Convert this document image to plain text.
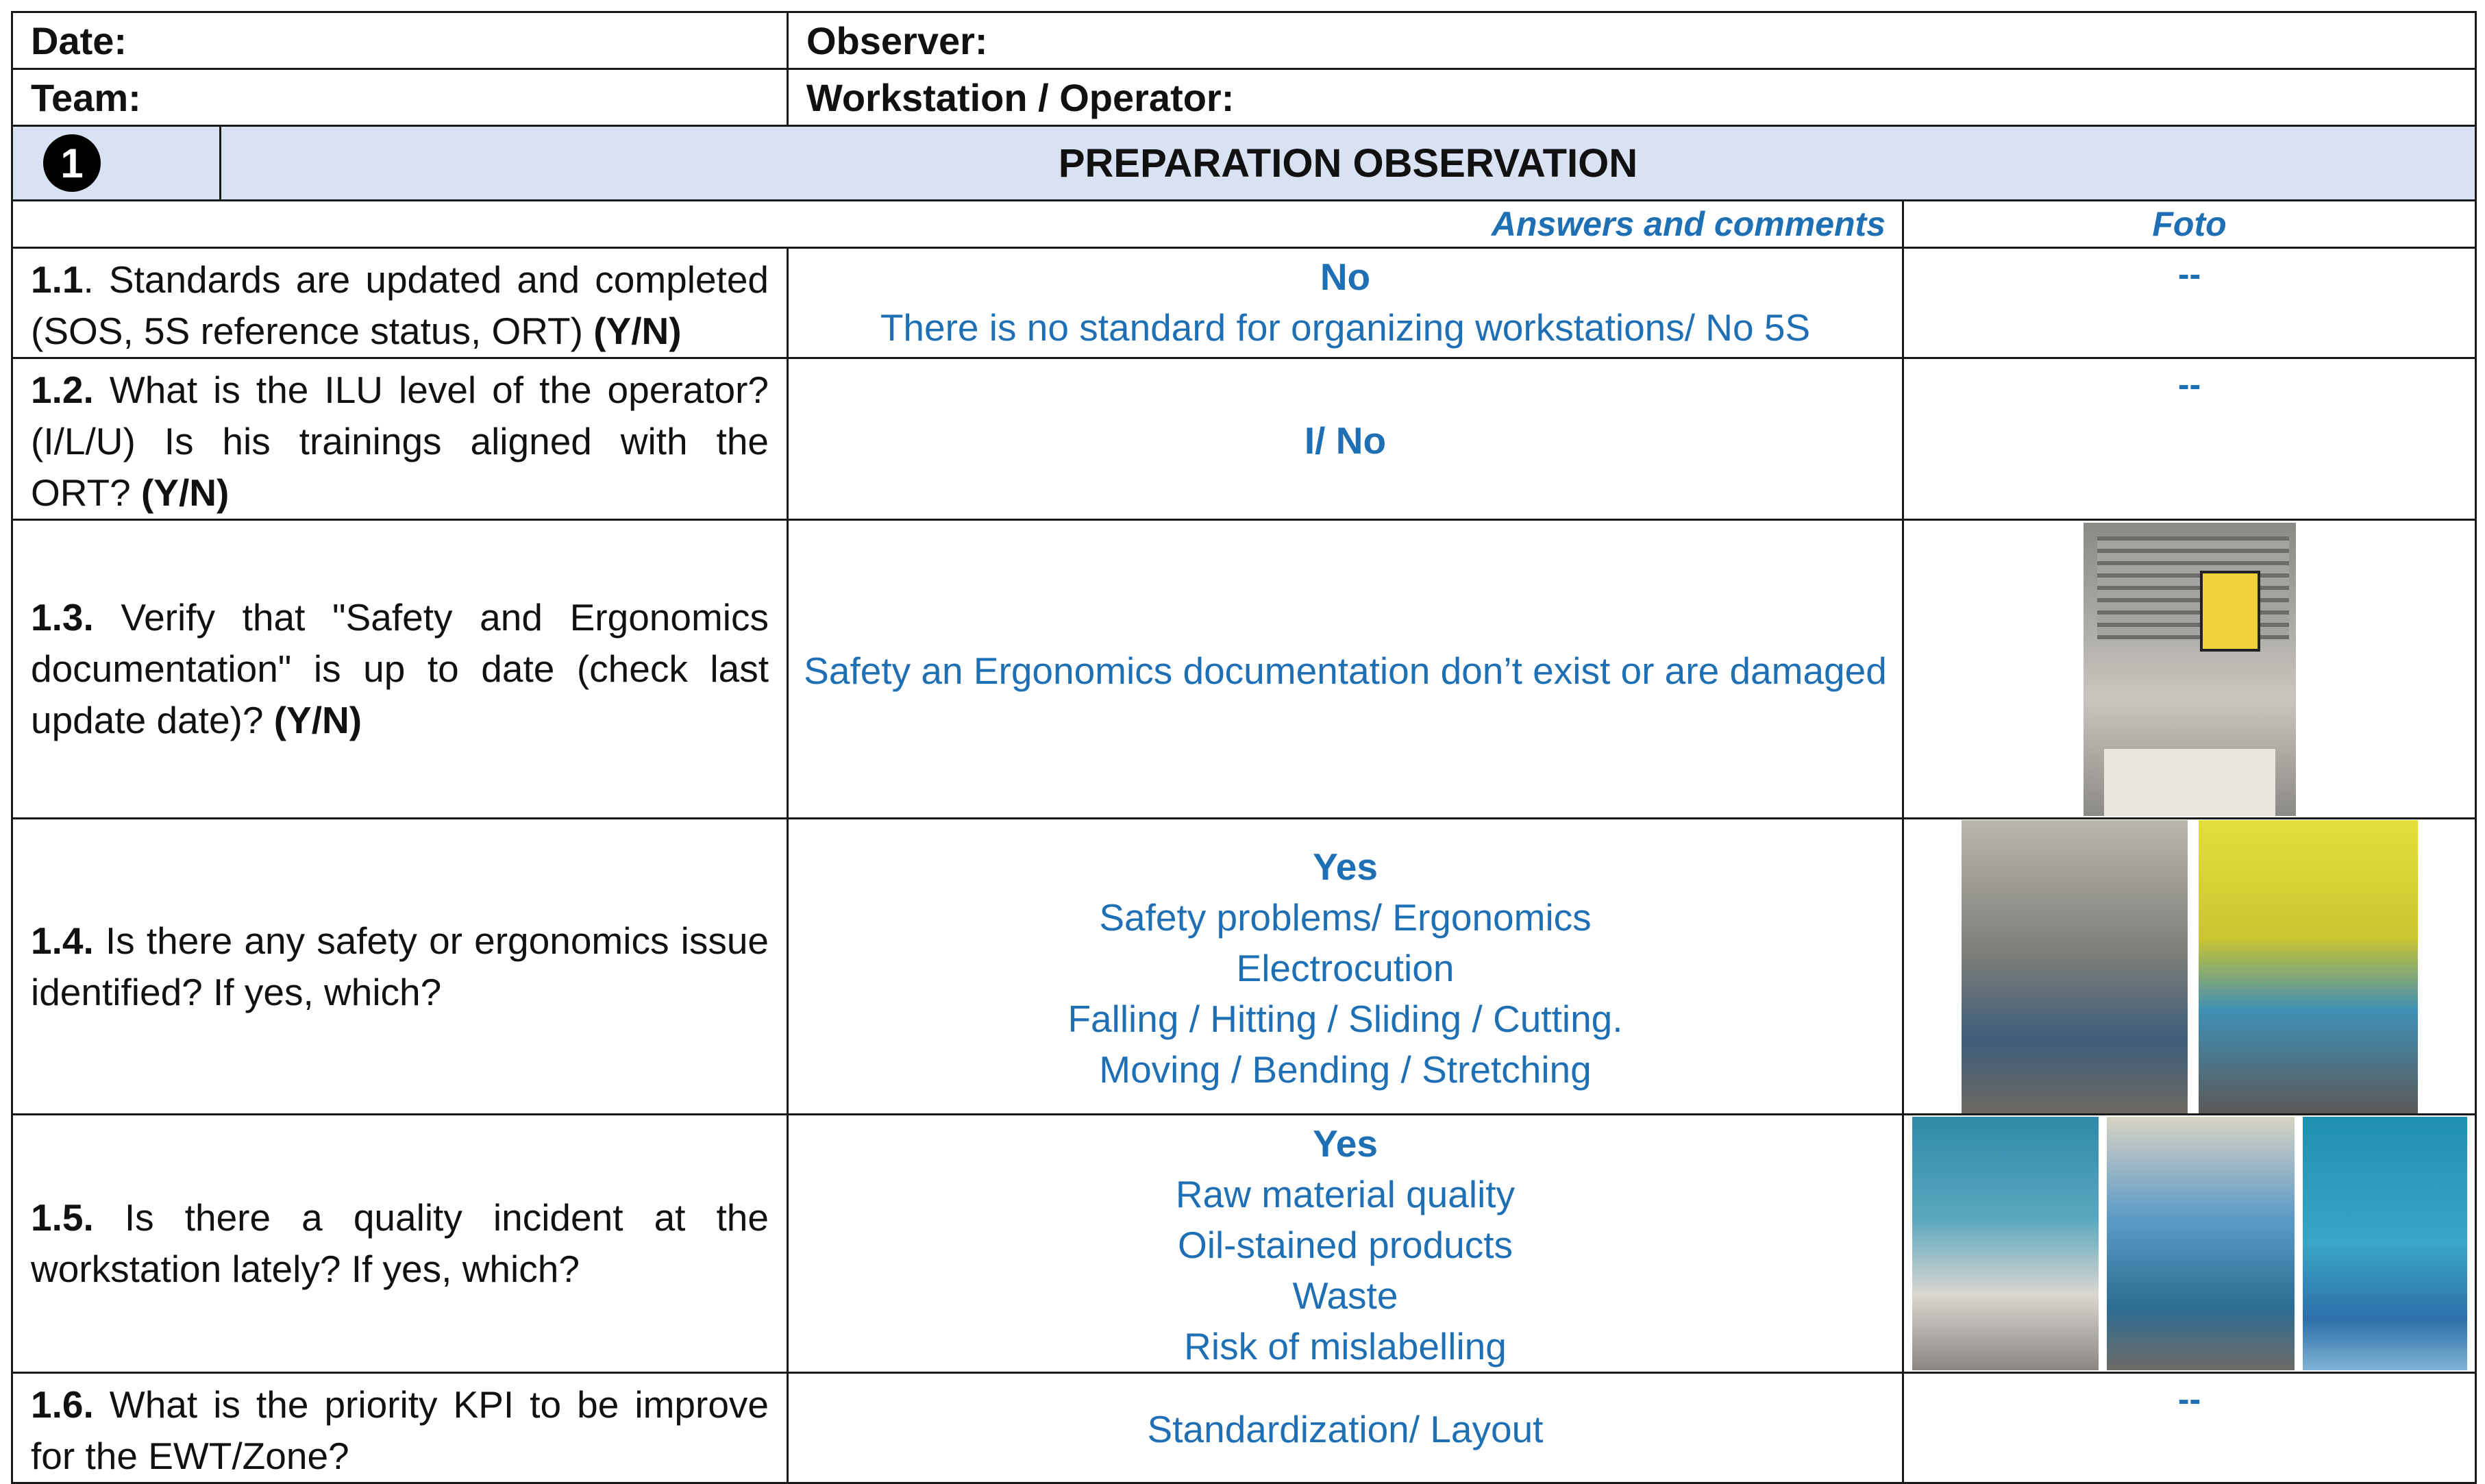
Date:		Observer:	
Team:		Workstation / Operator:	

1	PREPARATION OBSERVATION		
Answers and comments			Foto
1.1. Standards are updated and completed (SOS, 5S reference status, ORT) (Y/N)		No
There is no standard for organizing workstations/ No 5S	--
1.2. What is the ILU level of the operator? (I/L/U) Is his trainings aligned with the ORT? (Y/N)		I/ No	--
1.3. Verify that "Safety and Ergonomics documentation" is up to date (check last update date)? (Y/N)		Safety an Ergonomics documentation don’t exist or are damaged	

1.4. Is there any safety or ergonomics issue identified? If yes, which?		Yes
Safety problems/ Ergonomics
Electrocution
Falling / Hitting / Sliding / Cutting.
Moving / Bending / Stretching	

1.5. Is there a quality incident at the workstation lately? If yes, which?		Yes
Raw material quality
Oil-stained products
Waste
Risk of mislabelling	

1.6. What is the priority KPI to be improve for the EWT/Zone?		Standardization/ Layout	--
